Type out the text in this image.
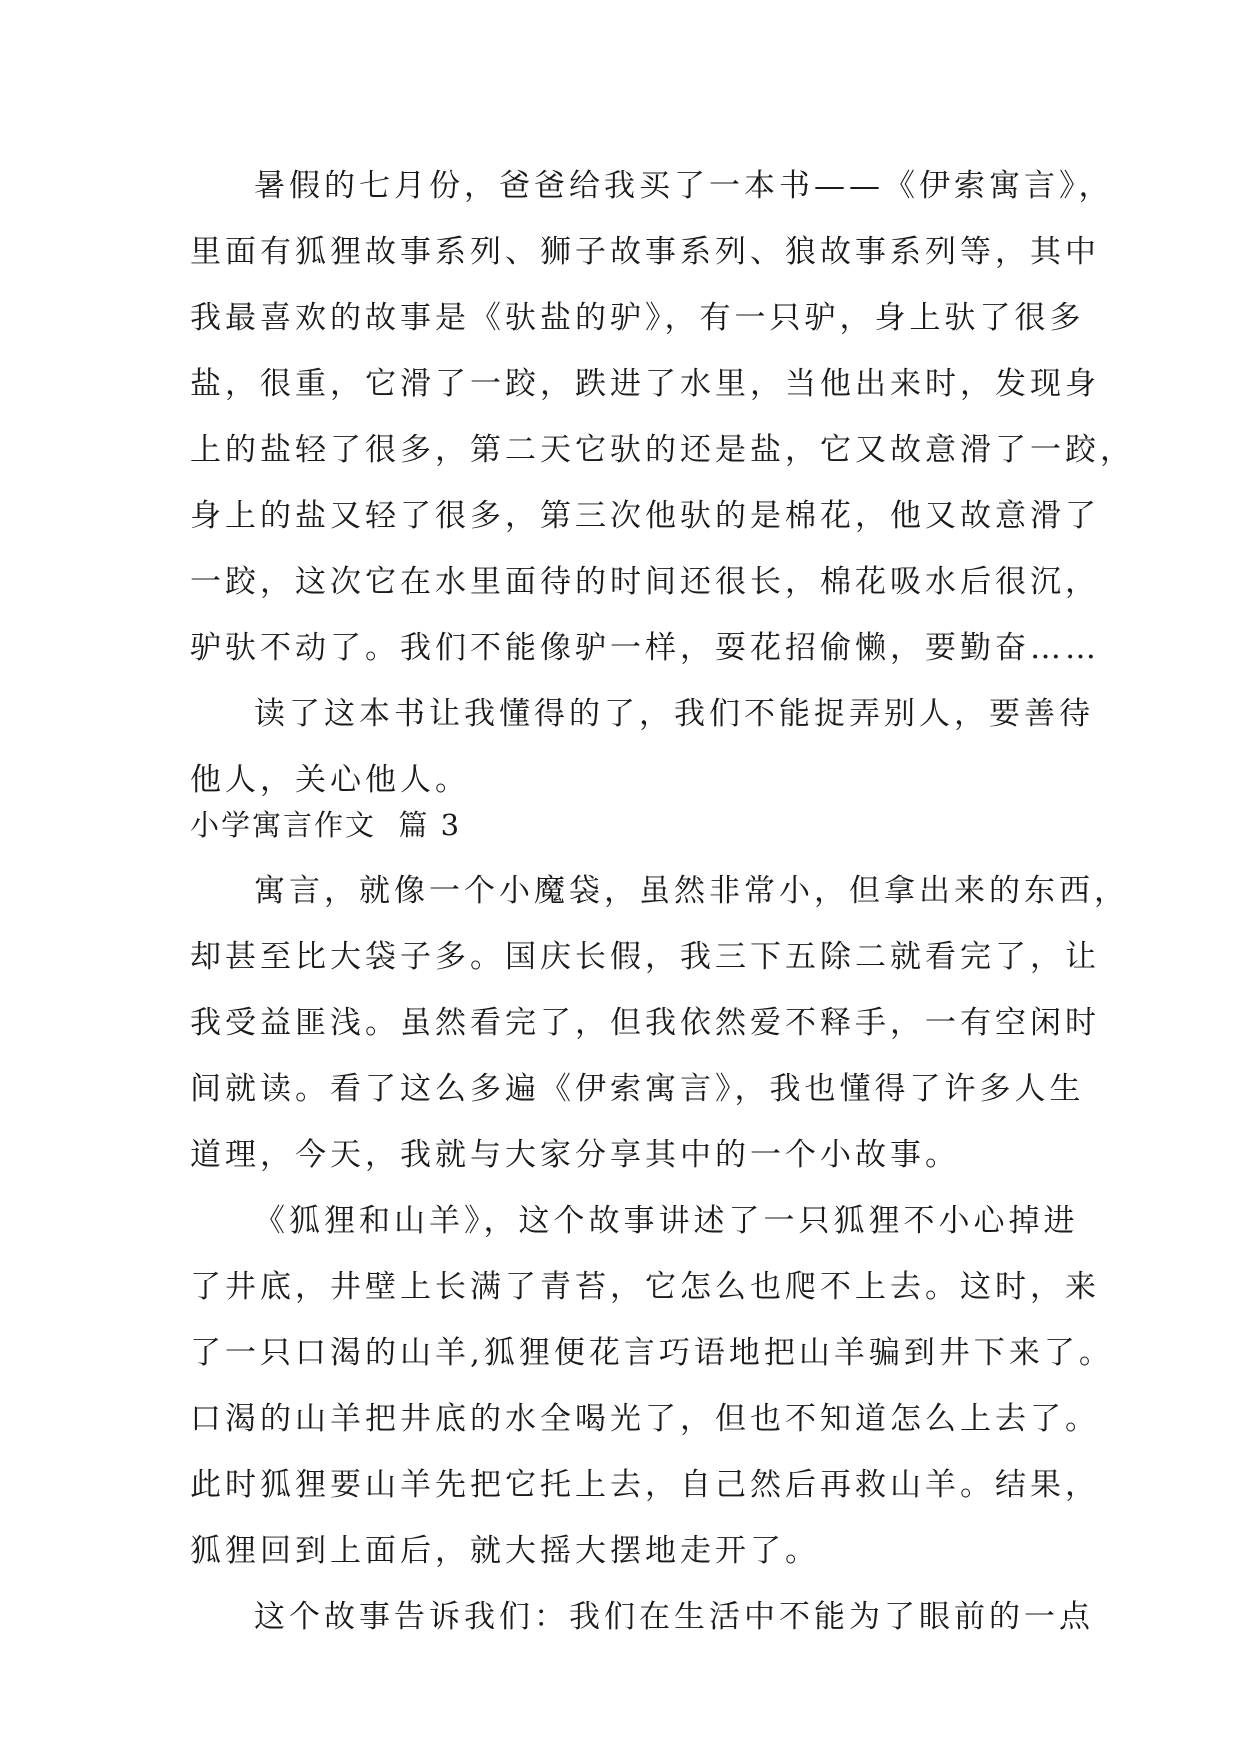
暑假的七月份，爸爸给我买了一本书——《伊索寓言》，
里面有狐狸故事系列、狮子故事系列、狼故事系列等，其中
我最喜欢的故事是《驮盐的驴》，有一只驴，身上驮了很多
盐，很重，它滑了一跤，跌进了水里，当他出来时，发现身
上的盐轻了很多，第二天它驮的还是盐，它又故意滑了一跤，
身上的盐又轻了很多，第三次他驮的是棉花，他又故意滑了
一跤，这次它在水里面待的时间还很长，棉花吸水后很沉，
驴驮不动了。我们不能像驴一样，耍花招偷懒，要勤奋……
读了这本书让我懂得的了，我们不能捉弄别人，要善待
他人，关心他人。
小学寓言作文  篇 3
寓言，就像一个小魔袋，虽然非常小，但拿出来的东西，
却甚至比大袋子多。国庆长假，我三下五除二就看完了，让
我受益匪浅。虽然看完了，但我依然爱不释手，一有空闲时
间就读。看了这么多遍《伊索寓言》，我也懂得了许多人生
道理，今天，我就与大家分享其中的一个小故事。
《狐狸和山羊》，这个故事讲述了一只狐狸不小心掉进
了井底，井壁上长满了青苔，它怎么也爬不上去。这时，来
了一只口渴的山羊,狐狸便花言巧语地把山羊骗到井下来了。
口渴的山羊把井底的水全喝光了，但也不知道怎么上去了。
此时狐狸要山羊先把它托上去，自己然后再救山羊。结果，
狐狸回到上面后，就大摇大摆地走开了。
这个故事告诉我们：我们在生活中不能为了眼前的一点
